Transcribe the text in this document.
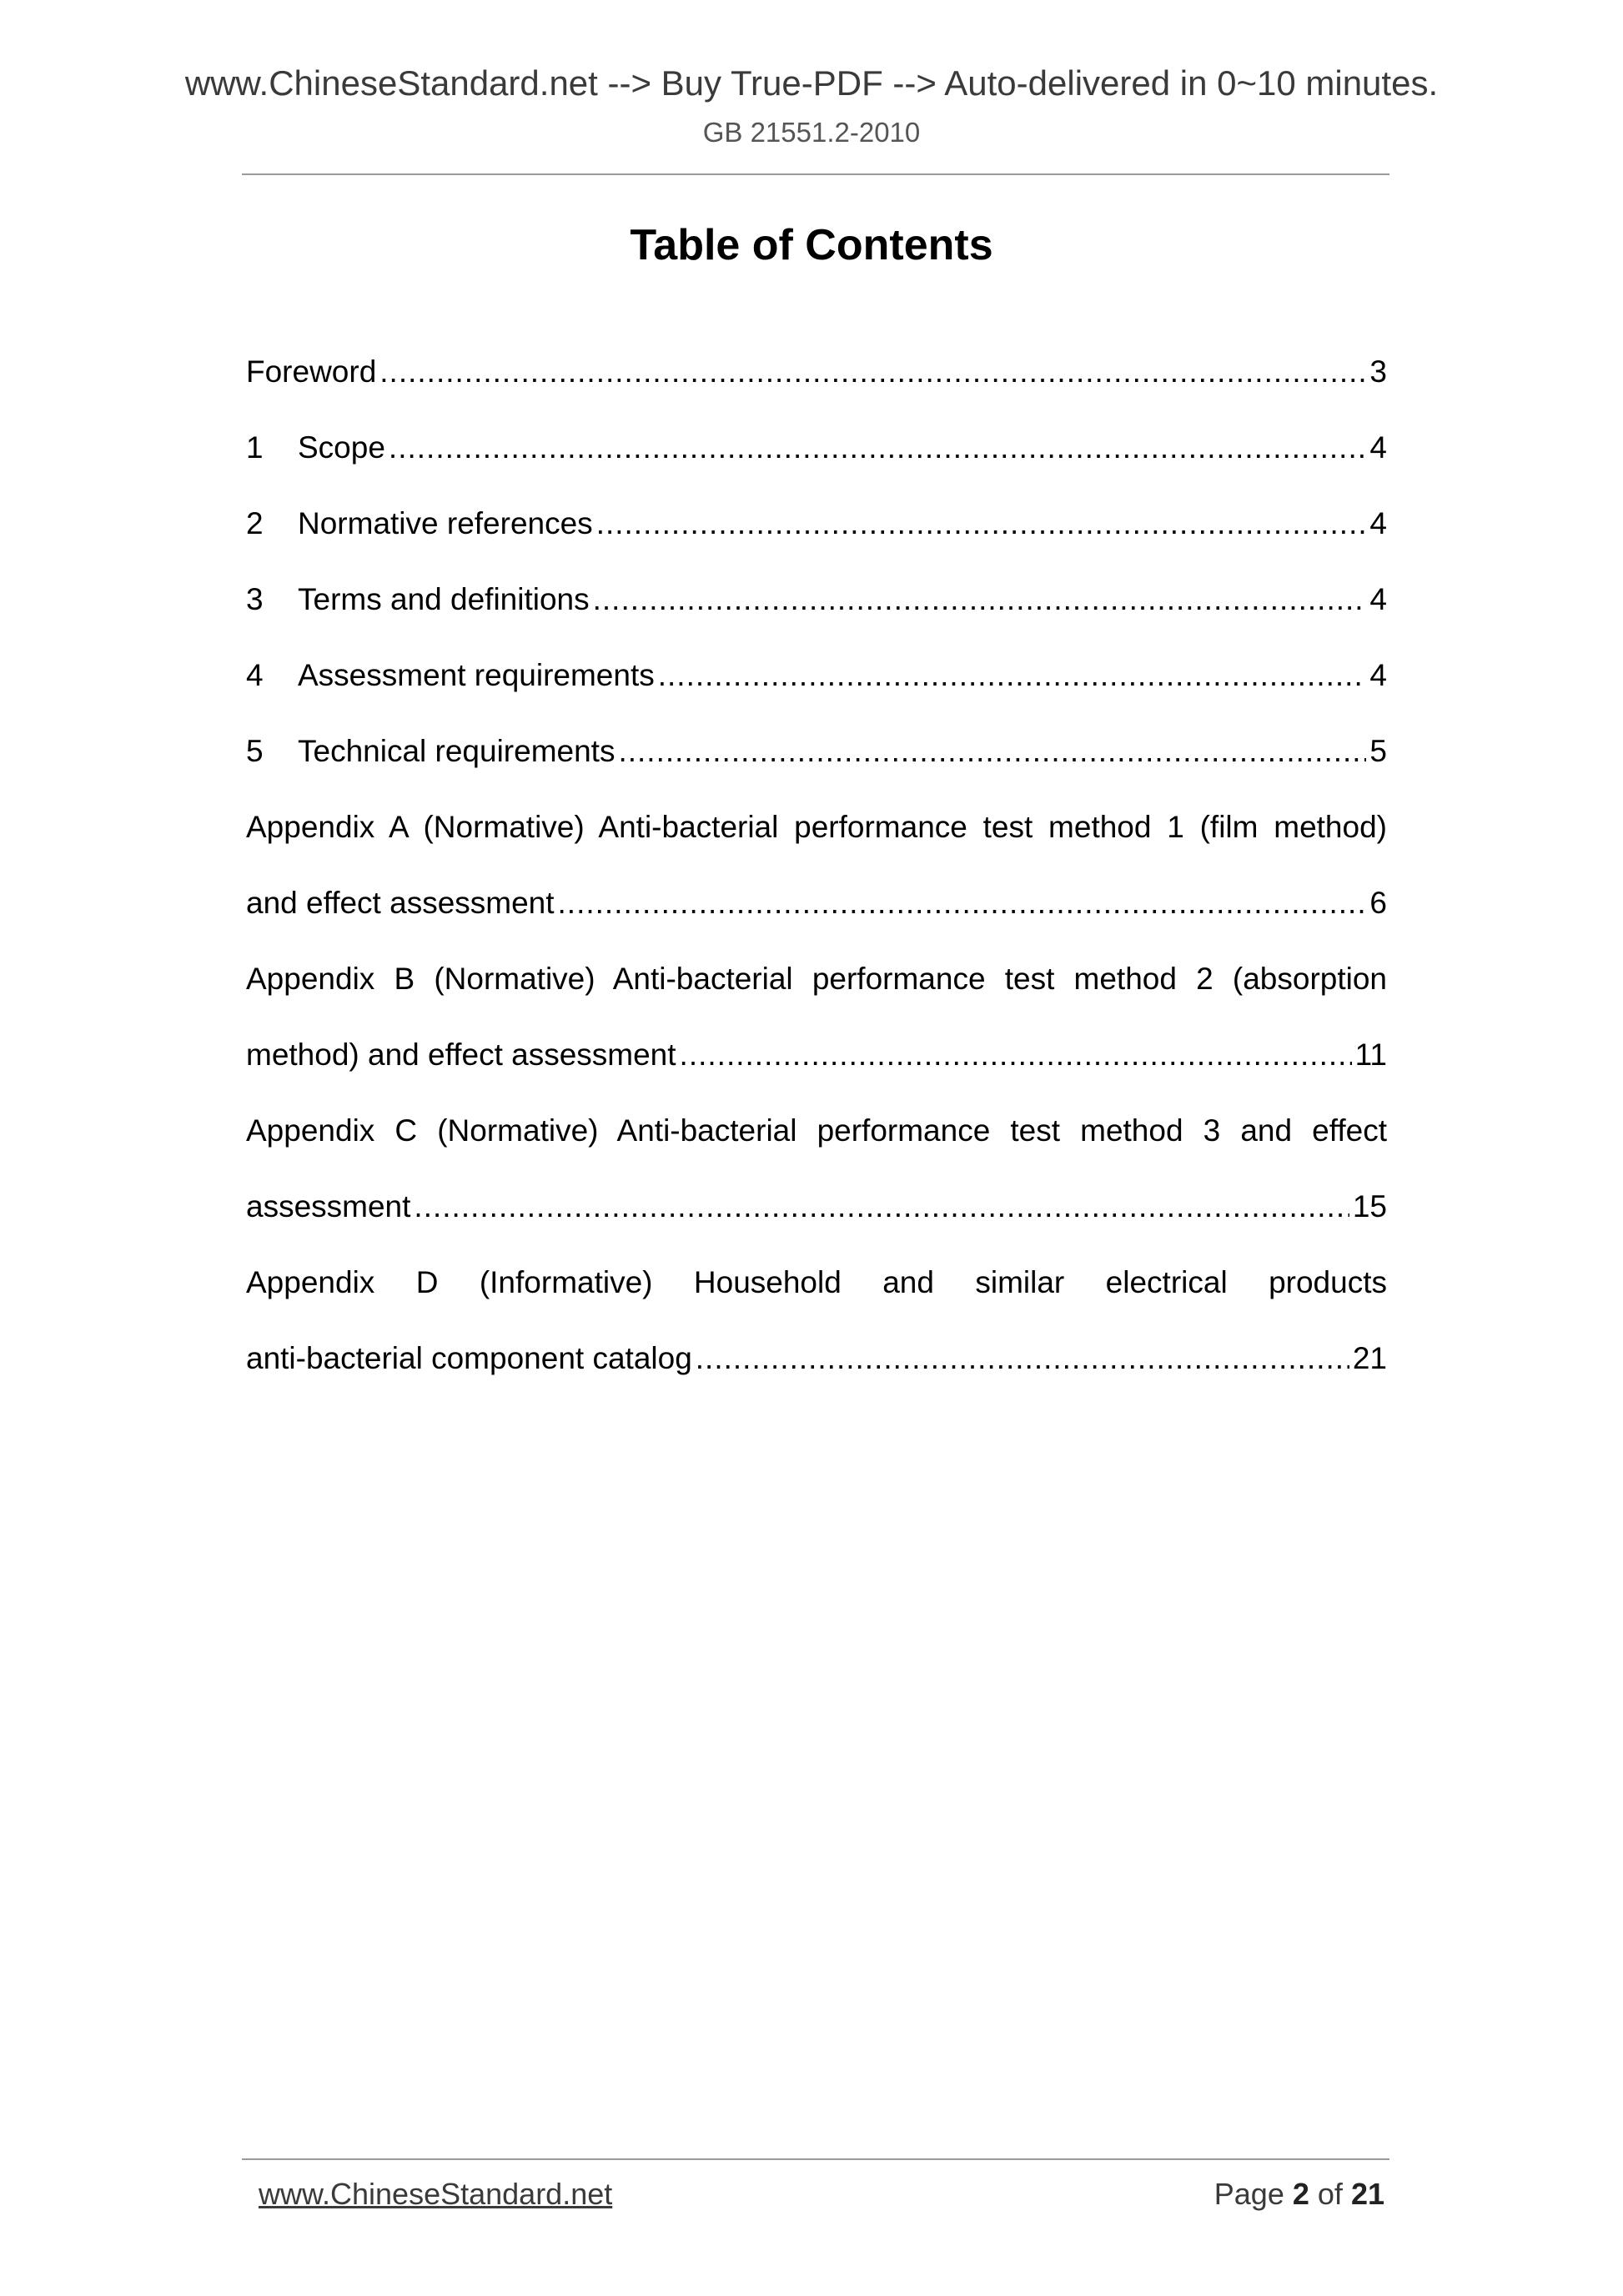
www.ChineseStandard.net --> Buy True-PDF --> Auto-delivered in 0~10 minutes.
GB 21551.2-2010
Table of Contents
Foreword .....	3
1	Scope .....	4
2	Normative references .....	4
3	Terms and definitions .....	4
4	Assessment requirements .....	4
5	Technical requirements .....	5
Appendix A (Normative) Anti-bacterial performance test method 1 (film method)
and effect assessment .....	6
Appendix B (Normative) Anti-bacterial performance test method 2 (absorption
method) and effect assessment .....	11
Appendix C (Normative) Anti-bacterial performance test method 3 and effect
assessment .....	15
Appendix D (Informative) Household and similar electrical products
anti-bacterial component catalog .....	21
www.ChineseStandard.net	Page 2 of 21
